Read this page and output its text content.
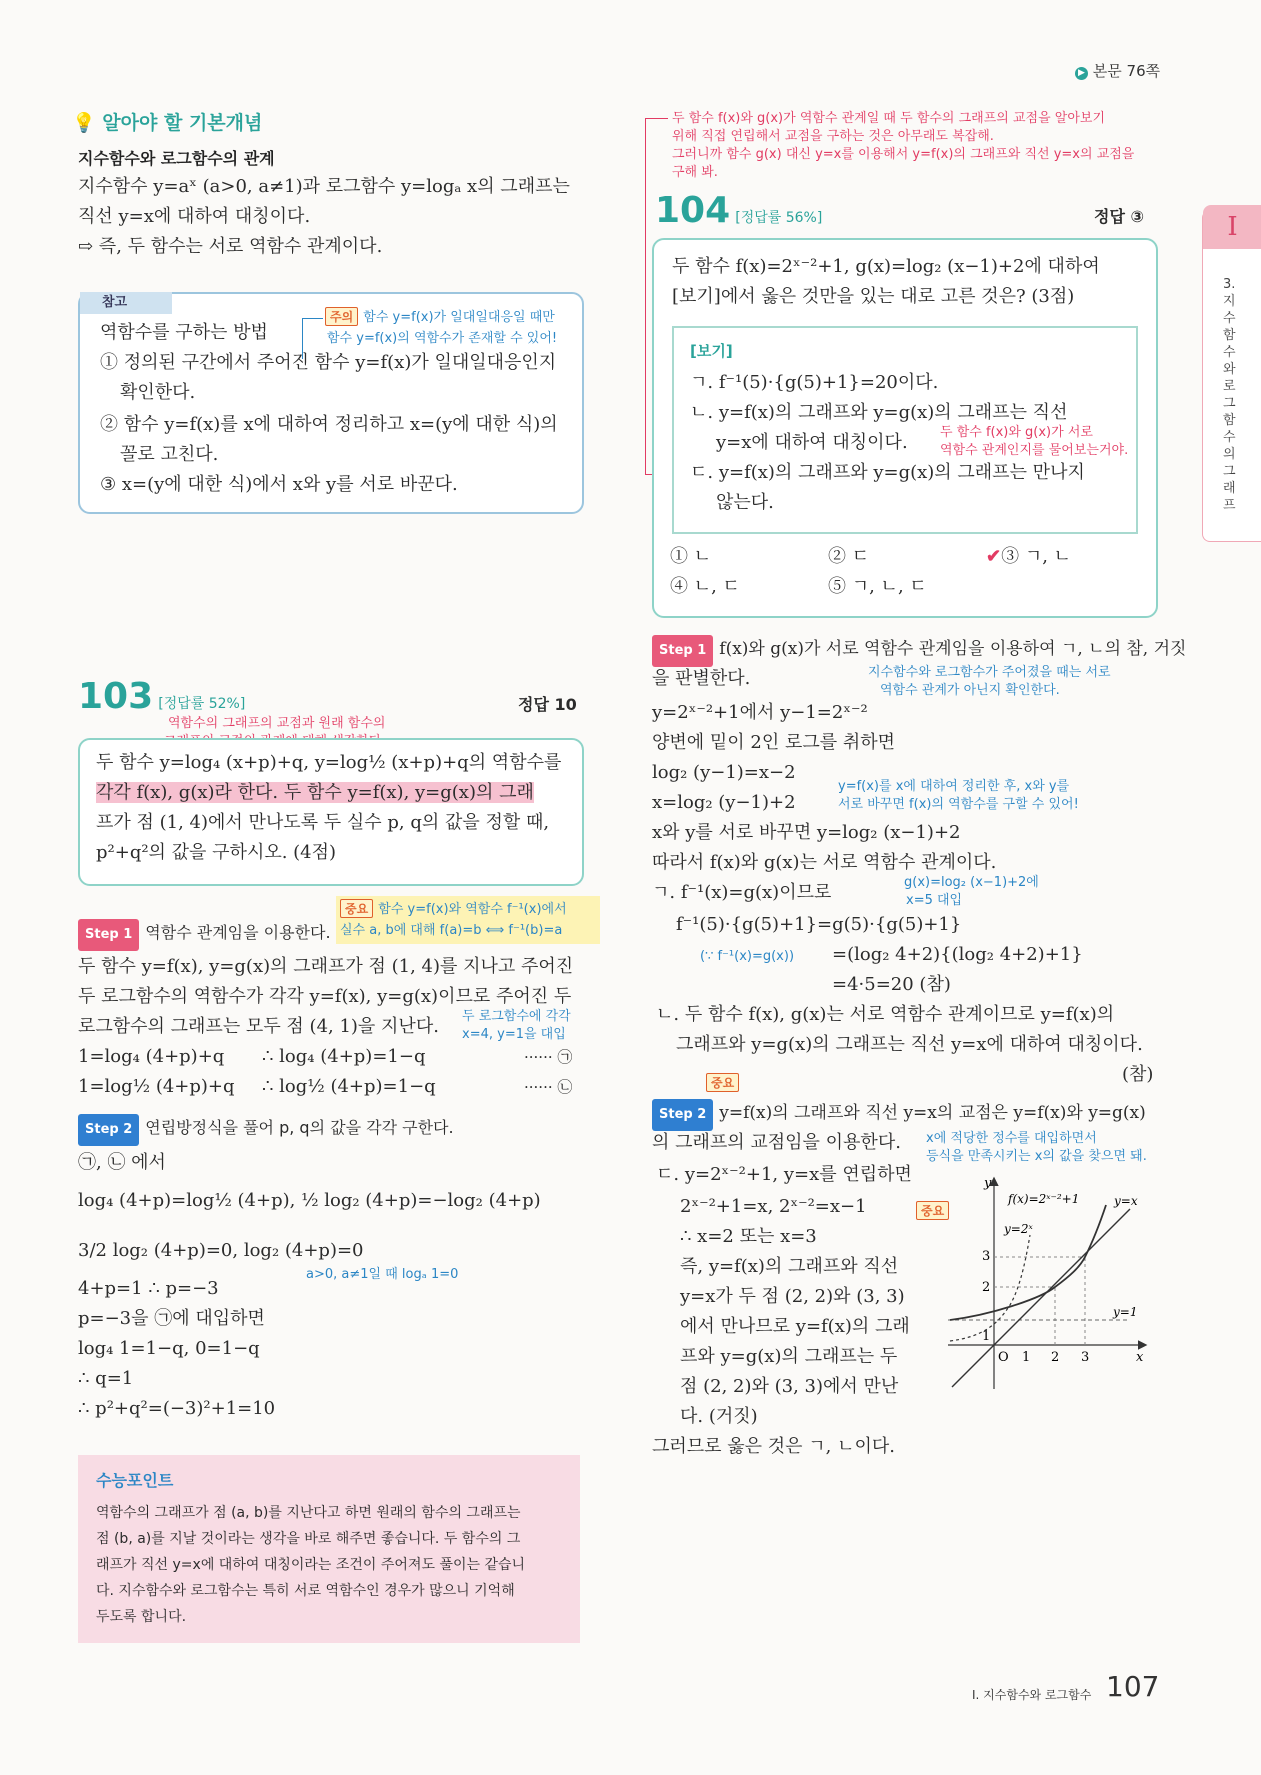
▶ 본문 76쪽
I
3.지수함수와로그함수의그래프
💡 알아야 할 기본개념
지수함수와 로그함수의 관계
지수함수 y=aˣ (a>0, a≠1)과 로그함수 y=logₐ x의 그래프는
직선 y=x에 대하여 대칭이다.
⇨ 즉, 두 함수는 서로 역함수 관계이다.
참고
역함수를 구하는 방법
① 정의된 구간에서 주어진 함수 y=f(x)가 일대일대응인지
확인한다.
② 함수 y=f(x)를 x에 대하여 정리하고 x=(y에 대한 식)의
꼴로 고친다.
③ x=(y에 대한 식)에서 x와 y를 서로 바꾼다.
주의 함수 y=f(x)가 일대일대응일 때만
함수 y=f(x)의 역함수가 존재할 수 있어!
103 [정답률 52%]	정답 10
역함수의 그래프의 교점과 원래 함수의
두 함수 y=log₄ (x+p)+q, y=log½ (x+p)+q의 역함수를
각각 f(x), g(x)라 한다. 두 함수 y=f(x), y=g(x)의 그래
프가 점 (1, 4)에서 만나도록 두 실수 p, q의 값을 정할 때,
p²+q²의 값을 구하시오. (4점)
중요 함수 y=f(x)와 역함수 f⁻¹(x)에서
실수 a, b에 대해 f(a)=b ⟺ f⁻¹(b)=a
Step 1 역함수 관계임을 이용한다.
두 함수 y=f(x), y=g(x)의 그래프가 점 (1, 4)를 지나고 주어진
두 로그함수의 역함수가 각각 y=f(x), y=g(x)이므로 주어진 두
로그함수의 그래프는 모두 점 (4, 1)을 지난다. 두 로그함수에 각각
x=4, y=1을 대입
1=log₄ (4+p)+q ∴ log₄ (4+p)=1−q	······ ㉠
1=log½ (4+p)+q ∴ log½ (4+p)=1−q	······ ㉡
Step 2 연립방정식을 풀어 p, q의 값을 각각 구한다.
㉠, ㉡ 에서
log₄ (4+p)=log½ (4+p), ½ log₂ (4+p)=−log₂ (4+p)
3/2 log₂ (4+p)=0, log₂ (4+p)=0
a>0, a≠1일 때 logₐ 1=0
4+p=1 ∴ p=−3
p=−3을 ㉠에 대입하면
log₄ 1=1−q, 0=1−q
∴ q=1
∴ p²+q²=(−3)²+1=10
수능포인트
역함수의 그래프가 점 (a, b)를 지난다고 하면 원래의 함수의 그래프는
점 (b, a)를 지날 것이라는 생각을 바로 해주면 좋습니다. 두 함수의 그
래프가 직선 y=x에 대하여 대칭이라는 조건이 주어져도 풀이는 같습니
다. 지수함수와 로그함수는 특히 서로 역함수인 경우가 많으니 기억해
두도록 합니다.
두 함수 f(x)와 g(x)가 역함수 관계일 때 두 함수의 그래프의 교점을 알아보기
위해 직접 연립해서 교점을 구하는 것은 아무래도 복잡해.
그러니까 함수 g(x) 대신 y=x를 이용해서 y=f(x)의 그래프와 직선 y=x의 교점을
구해 봐.
104 [정답률 56%]	정답 ③
두 함수 f(x)=2ˣ⁻²+1, g(x)=log₂ (x−1)+2에 대하여
[보기]에서 옳은 것만을 있는 대로 고른 것은? (3점)
[보기]
ㄱ. f⁻¹(5)·{g(5)+1}=20이다.
ㄴ. y=f(x)의 그래프와 y=g(x)의 그래프는 직선
y=x에 대하여 대칭이다. 두 함수 f(x)와 g(x)가 서로
역함수 관계인지를 물어보는거야.
ㄷ. y=f(x)의 그래프와 y=g(x)의 그래프는 만나지
않는다.
① ㄴ	② ㄷ	✔③ ㄱ, ㄴ
④ ㄴ, ㄷ	⑤ ㄱ, ㄴ, ㄷ
Step 1 f(x)와 g(x)가 서로 역함수 관계임을 이용하여 ㄱ, ㄴ의 참, 거짓
을 판별한다.	지수함수와 로그함수가 주어졌을 때는 서로
역함수 관계가 아닌지 확인한다.
y=2ˣ⁻²+1에서 y−1=2ˣ⁻²
양변에 밑이 2인 로그를 취하면
log₂ (y−1)=x−2
x=log₂ (y−1)+2
y=f(x)를 x에 대하여 정리한 후, x와 y를
서로 바꾸면 f(x)의 역함수를 구할 수 있어!
x와 y를 서로 바꾸면 y=log₂ (x−1)+2
따라서 f(x)와 g(x)는 서로 역함수 관계이다.
g(x)=log₂ (x−1)+2에
x=5 대입
ㄱ. f⁻¹(x)=g(x)이므로
f⁻¹(5)·{g(5)+1}=g(5)·{g(5)+1}
(∵ f⁻¹(x)=g(x)) =(log₂ 4+2){(log₂ 4+2)+1}
=4·5=20 (참)
ㄴ. 두 함수 f(x), g(x)는 서로 역함수 관계이므로 y=f(x)의
그래프와 y=g(x)의 그래프는 직선 y=x에 대하여 대칭이다.
(참)
중요
Step 2 y=f(x)의 그래프와 직선 y=x의 교점은 y=f(x)와 y=g(x)
의 그래프의 교점임을 이용한다. x에 적당한 정수를 대입하면서
등식을 만족시키는 x의 값을 찾으면 돼.
ㄷ. y=2ˣ⁻²+1, y=x를 연립하면
2ˣ⁻²+1=x, 2ˣ⁻²=x−1	중요
∴ x=2 또는 x=3
즉, y=f(x)의 그래프와 직선
y=x가 두 점 (2, 2)와 (3, 3)
에서 만나므로 y=f(x)의 그래
프와 y=g(x)의 그래프는 두
점 (2, 2)와 (3, 3)에서 만난
다. (거짓)
그러므로 옳은 것은 ㄱ, ㄴ이다.
x
y
O 1 2 3
1
2
3
y=1
y=x
y=2ˣ
f(x)=2ˣ⁻²+1
I. 지수함수와 로그함수 107
